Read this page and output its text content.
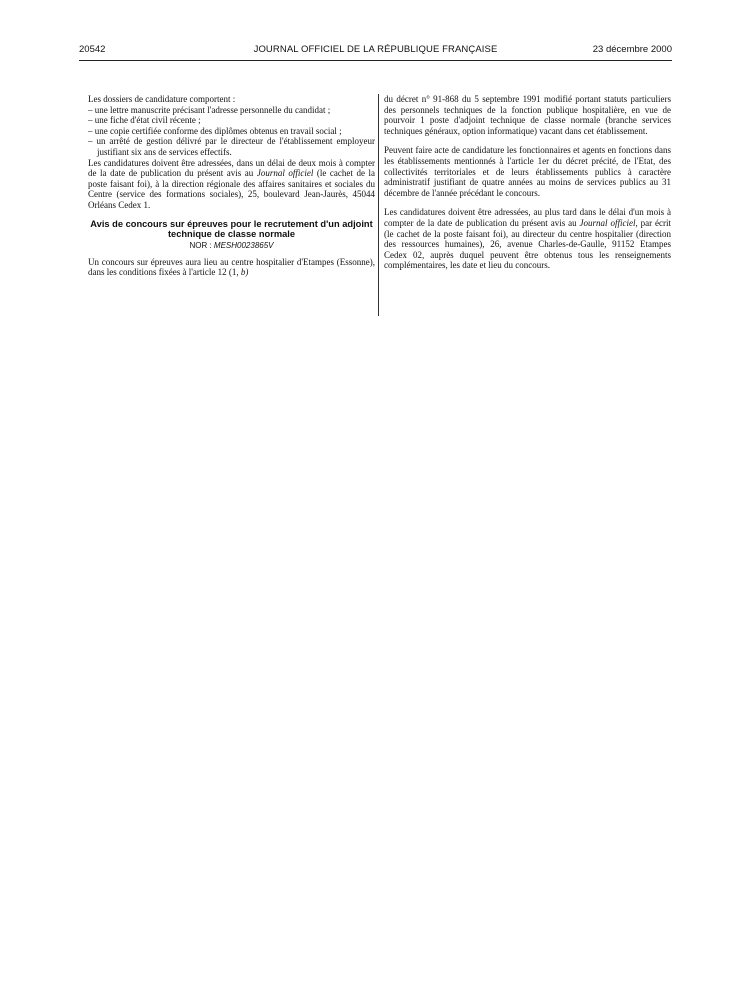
20542	JOURNAL OFFICIEL DE LA RÉPUBLIQUE FRANÇAISE	23 décembre 2000

Les dossiers de candidature comportent :

– une lettre manuscrite précisant l'adresse personnelle du candidat ;
– une fiche d'état civil récente ;
– une copie certifiée conforme des diplômes obtenus en travail social ;
– un arrêté de gestion délivré par le directeur de l'établissement employeur justifiant six ans de services effectifs.

Les candidatures doivent être adressées, dans un délai de deux mois à compter de la date de publication du présent avis au Journal officiel (le cachet de la poste faisant foi), à la direction régionale des affaires sanitaires et sociales du Centre (service des formations sociales), 25, boulevard Jean-Jaurès, 45044 Orléans Cedex 1.

Avis de concours sur épreuves pour le recrutement d'un adjoint technique de classe normale
NOR : MESH0023865V

Un concours sur épreuves aura lieu au centre hospitalier d'Etampes (Essonne), dans les conditions fixées à l'article 12 (1, b)

du décret n° 91-868 du 5 septembre 1991 modifié portant statuts particuliers des personnels techniques de la fonction publique hospitalière, en vue de pourvoir 1 poste d'adjoint technique de classe normale (branche services techniques généraux, option informatique) vacant dans cet établissement.

Peuvent faire acte de candidature les fonctionnaires et agents en fonctions dans les établissements mentionnés à l'article 1er du décret précité, de l'Etat, des collectivités territoriales et de leurs établissements publics à caractère administratif justifiant de quatre années au moins de services publics au 31 décembre de l'année précédant le concours.

Les candidatures doivent être adressées, au plus tard dans le délai d'un mois à compter de la date de publication du présent avis au Journal officiel, par écrit (le cachet de la poste faisant foi), au directeur du centre hospitalier (direction des ressources humaines), 26, avenue Charles-de-Gaulle, 91152 Etampes Cedex 02, auprès duquel peuvent être obtenus tous les renseignements complémentaires, les date et lieu du concours.
